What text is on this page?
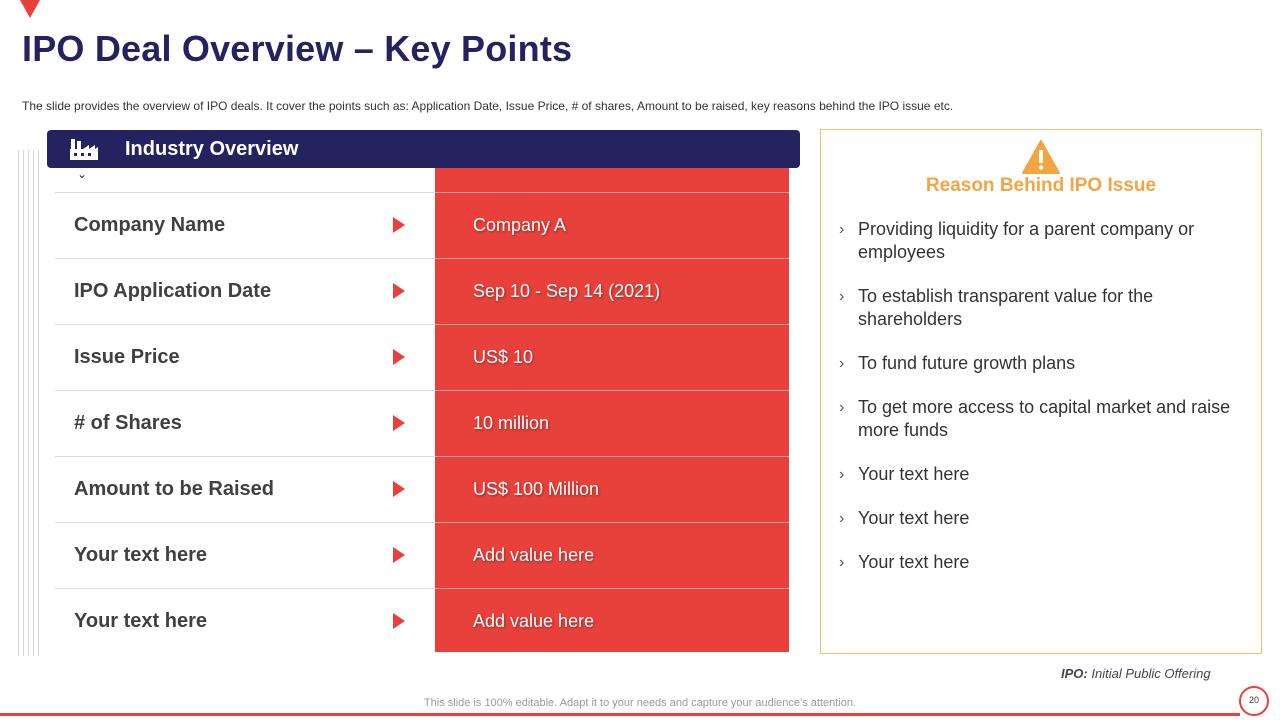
IPO Deal Overview – Key Points

The slide provides the overview of IPO deals. It cover the points such as: Application Date, Issue Price, # of shares, Amount to be raised, key reasons behind the IPO issue etc.

Industry Overview
⌄
Company Name	Company A
IPO Application Date	Sep 10 - Sep 14 (2021)
Issue Price	US$ 10
# of Shares	10 million
Amount to be Raised	US$ 100 Million
Your text here	Add value here
Your text here	Add value here
Reason Behind IPO Issue
› Providing liquidity for a parent company or employees
› To establish transparent value for the shareholders
› To fund future growth plans
› To get more access to capital market and raise more funds
› Your text here
› Your text here
› Your text here
IPO: Initial Public Offering
This slide is 100% editable. Adapt it to your needs and capture your audience’s attention.	20
